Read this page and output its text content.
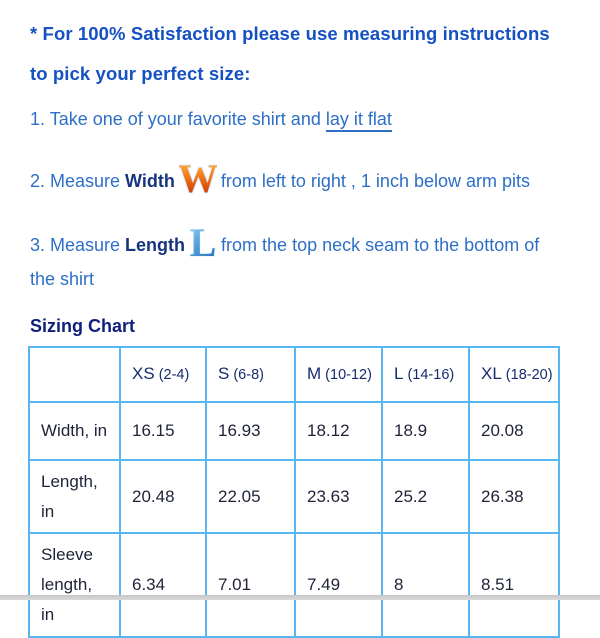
* For 100% Satisfaction please use measuring instructions
to pick your perfect size:
1. Take one of your favorite shirt and lay it flat
2. Measure Width W from left to right , 1 inch below arm pits
3. Measure Length L from the top neck seam to the bottom of
the shirt
Sizing Chart
	XS (2-4)	S (6-8)	M (10-12)	L (14-16)	XL (18-20)

Width, in	16.15	16.93	18.12	18.9	20.08

Length,
in	20.48	22.05	23.63	25.2	26.38

Sleeve
length,
in	6.34	7.01	7.49	8	8.51
